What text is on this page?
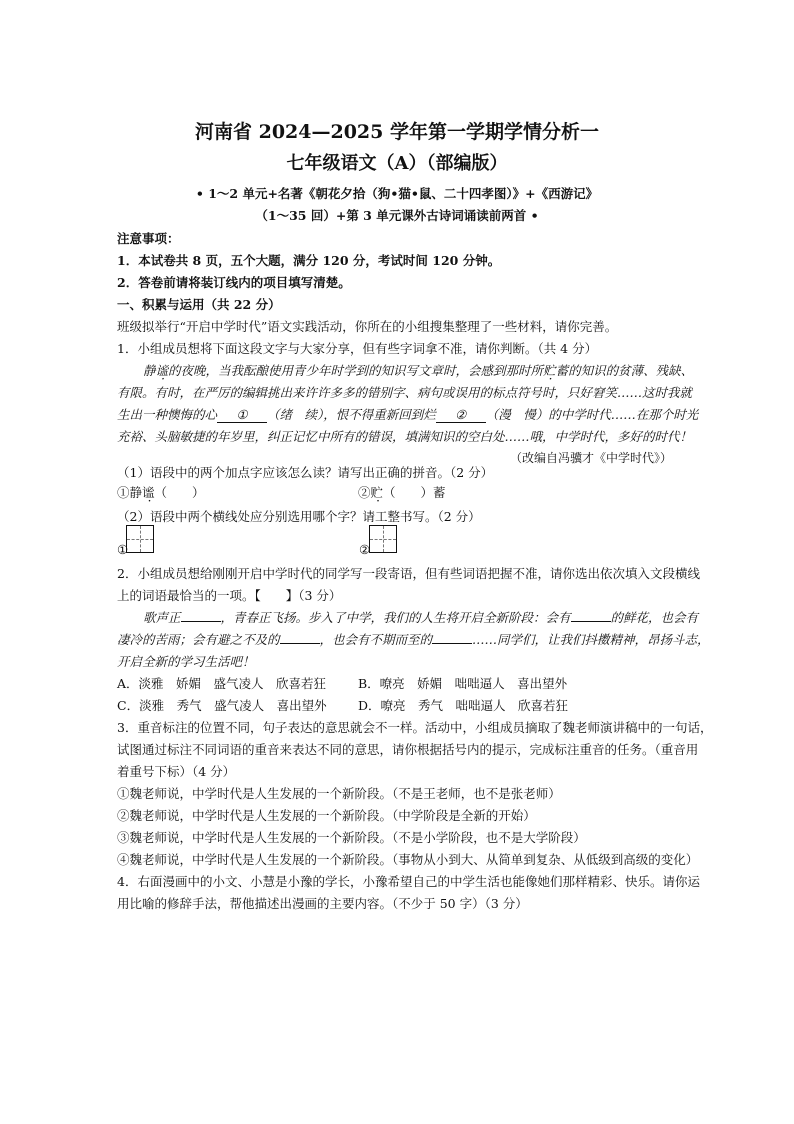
河南省 2024—2025 学年第一学期学情分析一
七年级语文（A）（部编版）
• 1～2 单元+名著《朝花夕拾（狗•猫•鼠、二十四孝图）》+《西游记》
（1～35 回）+第 3 单元课外古诗词诵读前两首 •
注意事项：
1．本试卷共 8 页，五个大题，满分 120 分，考试时间 120 分钟。
2．答卷前请将装订线内的项目填写清楚。
一、积累与运用（共 22 分）
班级拟举行“开启中学时代”语文实践活动，你所在的小组搜集整理了一些材料，请你完善。
1．小组成员想将下面这段文字与大家分享，但有些字词拿不准，请你判断。（共 4 分）
静谧的夜晚，当我酝酿使用青少年时学到的知识写文章时，会感到那时所贮蓄的知识的贫薄、残缺、
有限。有时，在严厉的编辑挑出来许许多多的错别字、病句或误用的标点符号时，只好窘笑……这时我就
生出一种懊悔的心 ① （绪　续），恨不得重新回到烂 ② （漫　慢）的中学时代……在那个时光
充裕、头脑敏捷的年岁里，纠正记忆中所有的错误，填满知识的空白处……哦，中学时代，多好的时代！
（改编自冯骥才《中学时代》）
（1）语段中的两个加点字应该怎么读？请写出正确的拼音。（2 分）
①静谧（　　）	②贮（　　）蓄
（2）语段中两个横线处应分别选用哪个字？请工整书写。（2 分）
①	②
2．小组成员想给刚刚开启中学时代的同学写一段寄语，但有些词语把握不准，请你选出依次填入文段横线
上的词语最恰当的一项。【　　】（3 分）
歌声正	，青春正飞扬。步入了中学，我们的人生将开启全新阶段：会有	的鲜花，也会有
凄冷的苦雨；会有避之不及的	，也会有不期而至的	……同学们，让我们抖擞精神，昂扬斗志，
开启全新的学习生活吧！
A．淡雅　娇媚　盛气凌人　欣喜若狂	B．嘹亮　娇媚　咄咄逼人　喜出望外
C．淡雅　秀气　盛气凌人　喜出望外	D．嘹亮　秀气　咄咄逼人　欣喜若狂
3．重音标注的位置不同，句子表达的意思就会不一样。活动中，小组成员摘取了魏老师演讲稿中的一句话，
试图通过标注不同词语的重音来表达不同的意思，请你根据括号内的提示，完成标注重音的任务。（重音用
着重号下标）（4 分）
①魏老师说，中学时代是人生发展的一个新阶段。（不是王老师，也不是张老师）
②魏老师说，中学时代是人生发展的一个新阶段。（中学阶段是全新的开始）
③魏老师说，中学时代是人生发展的一个新阶段。（不是小学阶段，也不是大学阶段）
④魏老师说，中学时代是人生发展的一个新阶段。（事物从小到大、从简单到复杂、从低级到高级的变化）
4．右面漫画中的小文、小慧是小豫的学长，小豫希望自己的中学生活也能像她们那样精彩、快乐。请你运
用比喻的修辞手法，帮他描述出漫画的主要内容。（不少于 50 字）（3 分）
